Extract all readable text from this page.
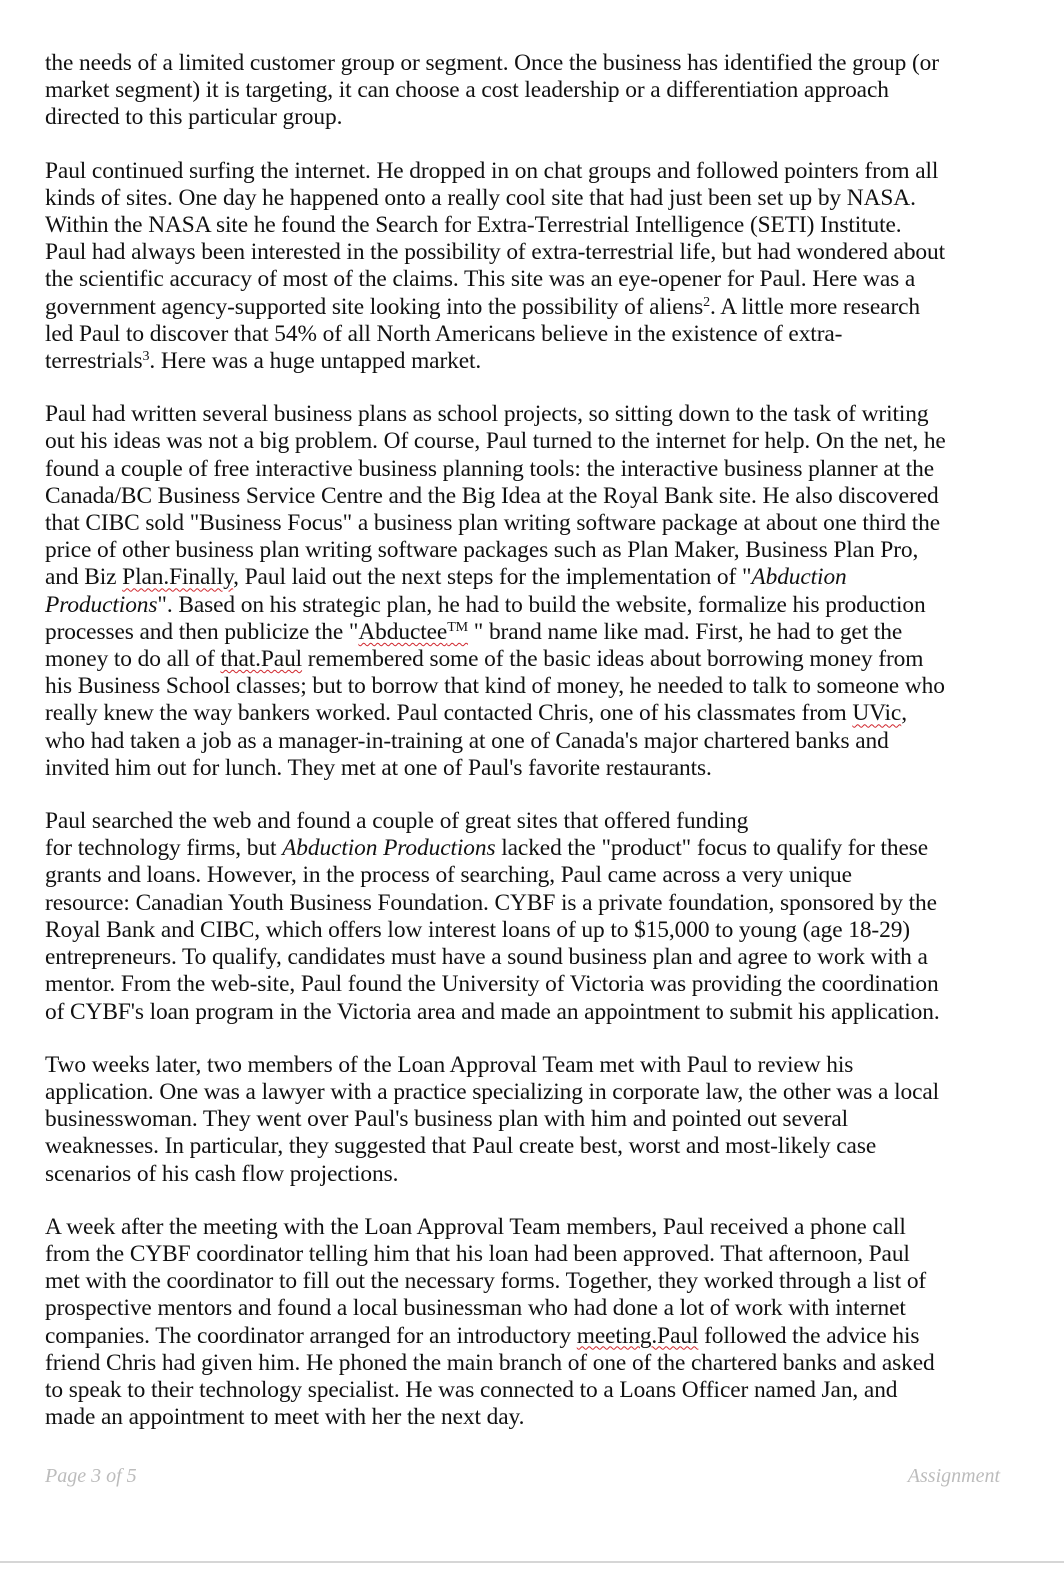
the needs of a limited customer group or segment. Once the business has identified the group (or
market segment) it is targeting, it can choose a cost leadership or a differentiation approach
directed to this particular group.

Paul continued surfing the internet. He dropped in on chat groups and followed pointers from all
kinds of sites. One day he happened onto a really cool site that had just been set up by NASA.
Within the NASA site he found the Search for Extra-Terrestrial Intelligence (SETI) Institute.
Paul had always been interested in the possibility of extra-terrestrial life, but had wondered about
the scientific accuracy of most of the claims. This site was an eye-opener for Paul. Here was a
government agency-supported site looking into the possibility of aliens$^2$. A little more research
led Paul to discover that 54% of all North Americans believe in the existence of extra-
terrestrials$^3$. Here was a huge untapped market.

Paul had written several business plans as school projects, so sitting down to the task of writing
out his ideas was not a big problem. Of course, Paul turned to the internet for help. On the net, he
found a couple of free interactive business planning tools: the interactive business planner at the
Canada/BC Business Service Centre and the Big Idea at the Royal Bank site. He also discovered
that CIBC sold "Business Focus" a business plan writing software package at about one third the
price of other business plan writing software packages such as Plan Maker, Business Plan Pro,
and Biz Plan.Finally, Paul laid out the next steps for the implementation of "Abduction
Productions". Based on his strategic plan, he had to build the website, formalize his production
processes and then publicize the "Abductee™ " brand name like mad. First, he had to get the
money to do all of that.Paul remembered some of the basic ideas about borrowing money from
his Business School classes; but to borrow that kind of money, he needed to talk to someone who
really knew the way bankers worked. Paul contacted Chris, one of his classmates from UVic,
who had taken a job as a manager-in-training at one of Canada's major chartered banks and
invited him out for lunch. They met at one of Paul's favorite restaurants.

Paul searched the web and found a couple of great sites that offered funding
for technology firms, but Abduction Productions lacked the "product" focus to qualify for these
grants and loans. However, in the process of searching, Paul came across a very unique
resource: Canadian Youth Business Foundation. CYBF is a private foundation, sponsored by the
Royal Bank and CIBC, which offers low interest loans of up to $15,000 to young (age 18-29)
entrepreneurs. To qualify, candidates must have a sound business plan and agree to work with a
mentor. From the web-site, Paul found the University of Victoria was providing the coordination
of CYBF's loan program in the Victoria area and made an appointment to submit his application.

Two weeks later, two members of the Loan Approval Team met with Paul to review his
application. One was a lawyer with a practice specializing in corporate law, the other was a local
businesswoman. They went over Paul's business plan with him and pointed out several
weaknesses. In particular, they suggested that Paul create best, worst and most-likely case
scenarios of his cash flow projections.

A week after the meeting with the Loan Approval Team members, Paul received a phone call
from the CYBF coordinator telling him that his loan had been approved. That afternoon, Paul
met with the coordinator to fill out the necessary forms. Together, they worked through a list of
prospective mentors and found a local businessman who had done a lot of work with internet
companies. The coordinator arranged for an introductory meeting.Paul followed the advice his
friend Chris had given him. He phoned the main branch of one of the chartered banks and asked
to speak to their technology specialist. He was connected to a Loans Officer named Jan, and
made an appointment to meet with her the next day.

Page 3 of 5	Assignment
